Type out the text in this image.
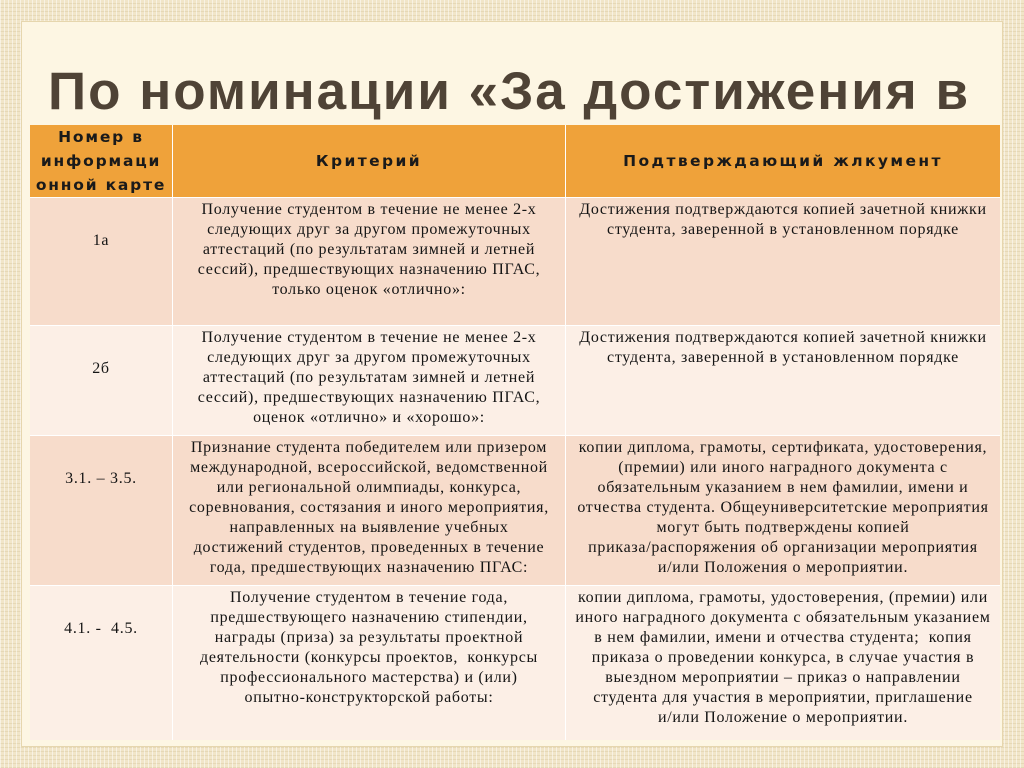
По номинации «За достижения в
Номер в
информаци
онной карте
Критерий	Подтверждающий жлкумент

1а

Получение студентом в течение не менее 2-х
следующих друг за другом промежуточных
аттестаций (по результатам зимней и летней
сессий), предшествующих назначению ПГАС,
только оценок «отлично»:
Достижения подтверждаются копией зачетной книжки
студента, заверенной в установленном порядке

2б

Получение студентом в течение не менее 2-х
следующих друг за другом промежуточных
аттестаций (по результатам зимней и летней
сессий), предшествующих назначению ПГАС,
оценок «отлично» и «хорошо»:
Достижения подтверждаются копией зачетной книжки
студента, заверенной в установленном порядке

3.1. – 3.5.

Признание студента победителем или призером
международной, всероссийской, ведомственной
или региональной олимпиады, конкурса,
соревнования, состязания и иного мероприятия,
направленных на выявление учебных
достижений студентов, проведенных в течение
года, предшествующих назначению ПГАС:
копии диплома, грамоты, сертификата, удостоверения,
(премии) или иного наградного документа с
обязательным указанием в нем фамилии, имени и
отчества студента. Общеуниверситетские мероприятия
могут быть подтверждены копией
приказа/распоряжения об организации мероприятия
и/или Положения о мероприятии.

4.1. -  4.5.

Получение студентом в течение года,
предшествующего назначению стипендии,
награды (приза) за результаты проектной
деятельности (конкурсы проектов,  конкурсы
профессионального мастерства) и (или)
опытно-конструкторской работы:
копии диплома, грамоты, удостоверения, (премии) или
иного наградного документа с обязательным указанием
в нем фамилии, имени и отчества студента;  копия
приказа о проведении конкурса, в случае участия в
выездном мероприятии – приказ о направлении
студента для участия в мероприятии, приглашение
и/или Положение о мероприятии.
